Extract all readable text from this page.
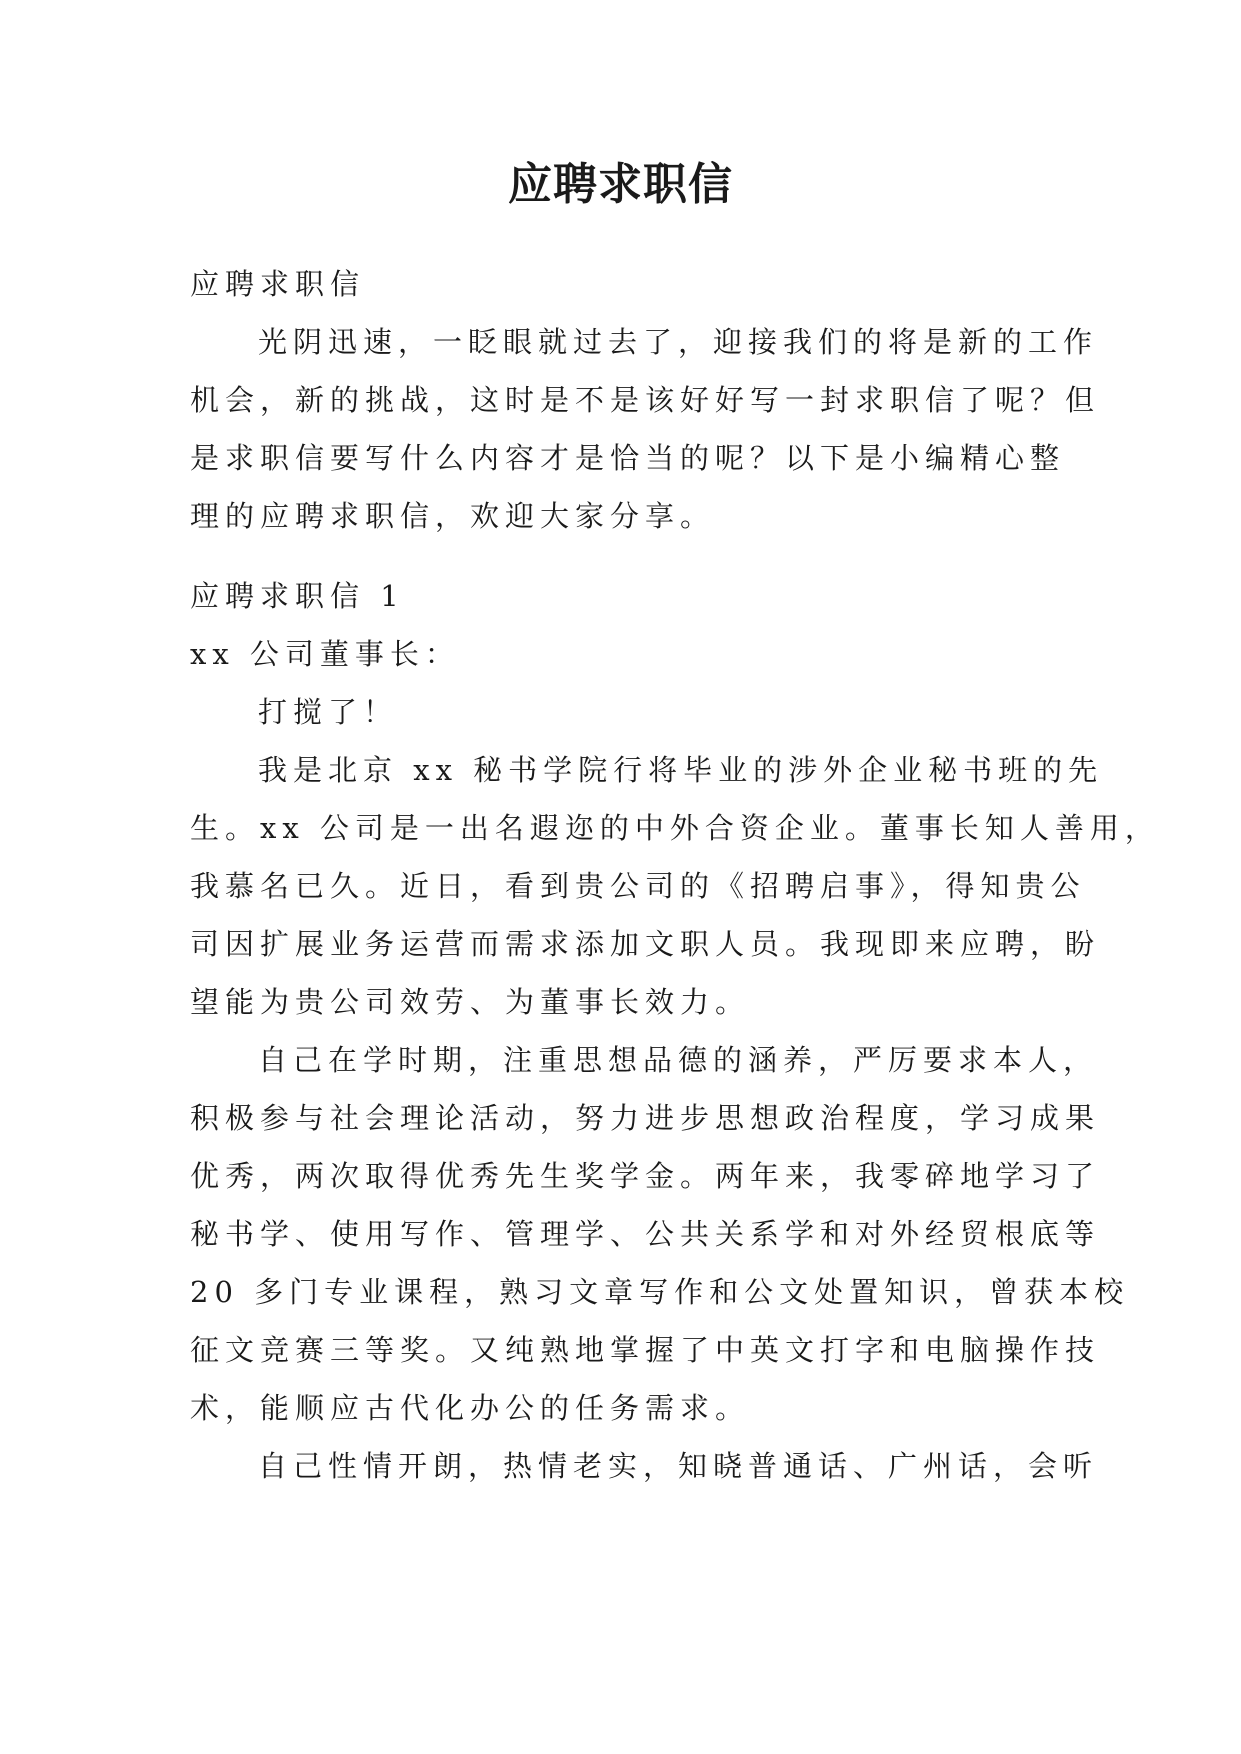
应聘求职信
应聘求职信
光阴迅速，一眨眼就过去了，迎接我们的将是新的工作
机会，新的挑战，这时是不是该好好写一封求职信了呢？但
是求职信要写什么内容才是恰当的呢？以下是小编精心整
理的应聘求职信，欢迎大家分享。
应聘求职信 1
xx 公司董事长：
打搅了！
我是北京 xx 秘书学院行将毕业的涉外企业秘书班的先
生。xx 公司是一出名遐迩的中外合资企业。董事长知人善用，
我慕名已久。近日，看到贵公司的《招聘启事》，得知贵公
司因扩展业务运营而需求添加文职人员。我现即来应聘，盼
望能为贵公司效劳、为董事长效力。
自己在学时期，注重思想品德的涵养，严厉要求本人，
积极参与社会理论活动，努力进步思想政治程度，学习成果
优秀，两次取得优秀先生奖学金。两年来，我零碎地学习了
秘书学、使用写作、管理学、公共关系学和对外经贸根底等
20 多门专业课程，熟习文章写作和公文处置知识，曾获本校
征文竞赛三等奖。又纯熟地掌握了中英文打字和电脑操作技
术，能顺应古代化办公的任务需求。
自己性情开朗，热情老实，知晓普通话、广州话，会听
